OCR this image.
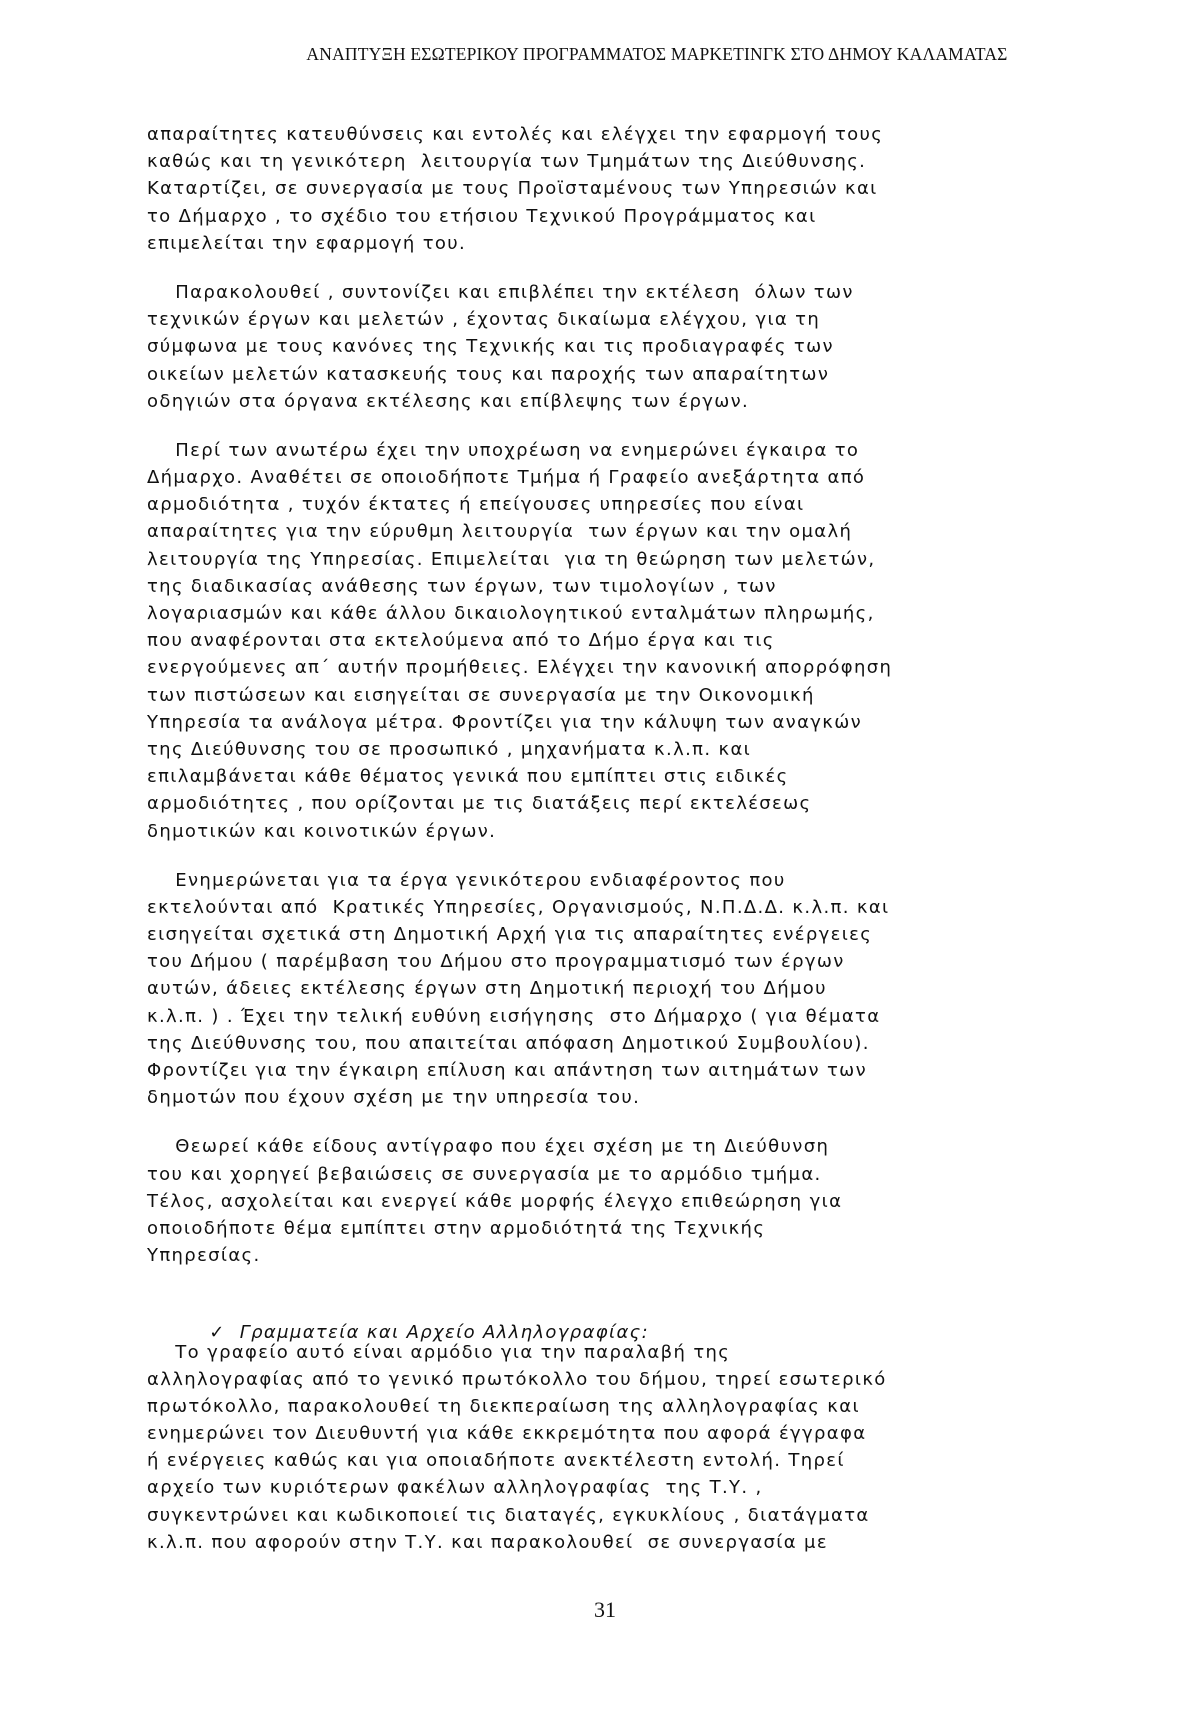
ΑΝΑΠΤΥΞΗ ΕΣΩΤΕΡΙΚΟΥ ΠΡΟΓΡΑΜΜΑΤΟΣ ΜΑΡΚΕΤΙΝΓΚ ΣΤΟ ΔΗΜΟΥ ΚΑΛΑΜΑΤΑΣ
απαραίτητες κατευθύνσεις και εντολές και ελέγχει την εφαρμογή τους
καθώς και τη γενικότερη  λειτουργία των Τμημάτων της Διεύθυνσης.
Καταρτίζει, σε συνεργασία με τους Προϊσταμένους των Υπηρεσιών και
το Δήμαρχο , το σχέδιο του ετήσιου Τεχνικού Προγράμματος και
επιμελείται την εφαρμογή του.
Παρακολουθεί , συντονίζει και επιβλέπει την εκτέλεση  όλων των
τεχνικών έργων και μελετών , έχοντας δικαίωμα ελέγχου, για τη
σύμφωνα με τους κανόνες της Τεχνικής και τις προδιαγραφές των
οικείων μελετών κατασκευής τους και παροχής των απαραίτητων
οδηγιών στα όργανα εκτέλεσης και επίβλεψης των έργων.
Περί των ανωτέρω έχει την υποχρέωση να ενημερώνει έγκαιρα το
Δήμαρχο. Αναθέτει σε οποιοδήποτε Τμήμα ή Γραφείο ανεξάρτητα από
αρμοδιότητα , τυχόν έκτατες ή επείγουσες υπηρεσίες που είναι
απαραίτητες για την εύρυθμη λειτουργία  των έργων και την ομαλή
λειτουργία της Υπηρεσίας. Επιμελείται  για τη θεώρηση των μελετών,
της διαδικασίας ανάθεσης των έργων, των τιμολογίων , των
λογαριασμών και κάθε άλλου δικαιολογητικού ενταλμάτων πληρωμής,
που αναφέρονται στα εκτελούμενα από το Δήμο έργα και τις
ενεργούμενες απ΄ αυτήν προμήθειες. Ελέγχει την κανονική απορρόφηση
των πιστώσεων και εισηγείται σε συνεργασία με την Οικονομική
Υπηρεσία τα ανάλογα μέτρα. Φροντίζει για την κάλυψη των αναγκών
της Διεύθυνσης του σε προσωπικό , μηχανήματα κ.λ.π. και
επιλαμβάνεται κάθε θέματος γενικά που εμπίπτει στις ειδικές
αρμοδιότητες , που ορίζονται με τις διατάξεις περί εκτελέσεως
δημοτικών και κοινοτικών έργων.
Ενημερώνεται για τα έργα γενικότερου ενδιαφέροντος που
εκτελούνται από  Κρατικές Υπηρεσίες, Οργανισμούς, Ν.Π.Δ.Δ. κ.λ.π. και
εισηγείται σχετικά στη Δημοτική Αρχή για τις απαραίτητες ενέργειες
του Δήμου ( παρέμβαση του Δήμου στο προγραμματισμό των έργων
αυτών, άδειες εκτέλεσης έργων στη Δημοτική περιοχή του Δήμου
κ.λ.π. ) . Έχει την τελική ευθύνη εισήγησης  στο Δήμαρχο ( για θέματα
της Διεύθυνσης του, που απαιτείται απόφαση Δημοτικού Συμβουλίου).
Φροντίζει για την έγκαιρη επίλυση και απάντηση των αιτημάτων των
δημοτών που έχουν σχέση με την υπηρεσία του.
Θεωρεί κάθε είδους αντίγραφο που έχει σχέση με τη Διεύθυνση
του και χορηγεί βεβαιώσεις σε συνεργασία με το αρμόδιο τμήμα.
Τέλος, ασχολείται και ενεργεί κάθε μορφής έλεγχο επιθεώρηση για
οποιοδήποτε θέμα εμπίπτει στην αρμοδιότητά της Τεχνικής
Υπηρεσίας.

✓ Γραμματεία και Αρχείο Αλληλογραφίας:

Το γραφείο αυτό είναι αρμόδιο για την παραλαβή της
αλληλογραφίας από το γενικό πρωτόκολλο του δήμου, τηρεί εσωτερικό
πρωτόκολλο, παρακολουθεί τη διεκπεραίωση της αλληλογραφίας και
ενημερώνει τον Διευθυντή για κάθε εκκρεμότητα που αφορά έγγραφα
ή ενέργειες καθώς και για οποιαδήποτε ανεκτέλεστη εντολή. Τηρεί
αρχείο των κυριότερων φακέλων αλληλογραφίας  της Τ.Υ. ,
συγκεντρώνει και κωδικοποιεί τις διαταγές, εγκυκλίους , διατάγματα
κ.λ.π. που αφορούν στην Τ.Υ. και παρακολουθεί  σε συνεργασία με
31
